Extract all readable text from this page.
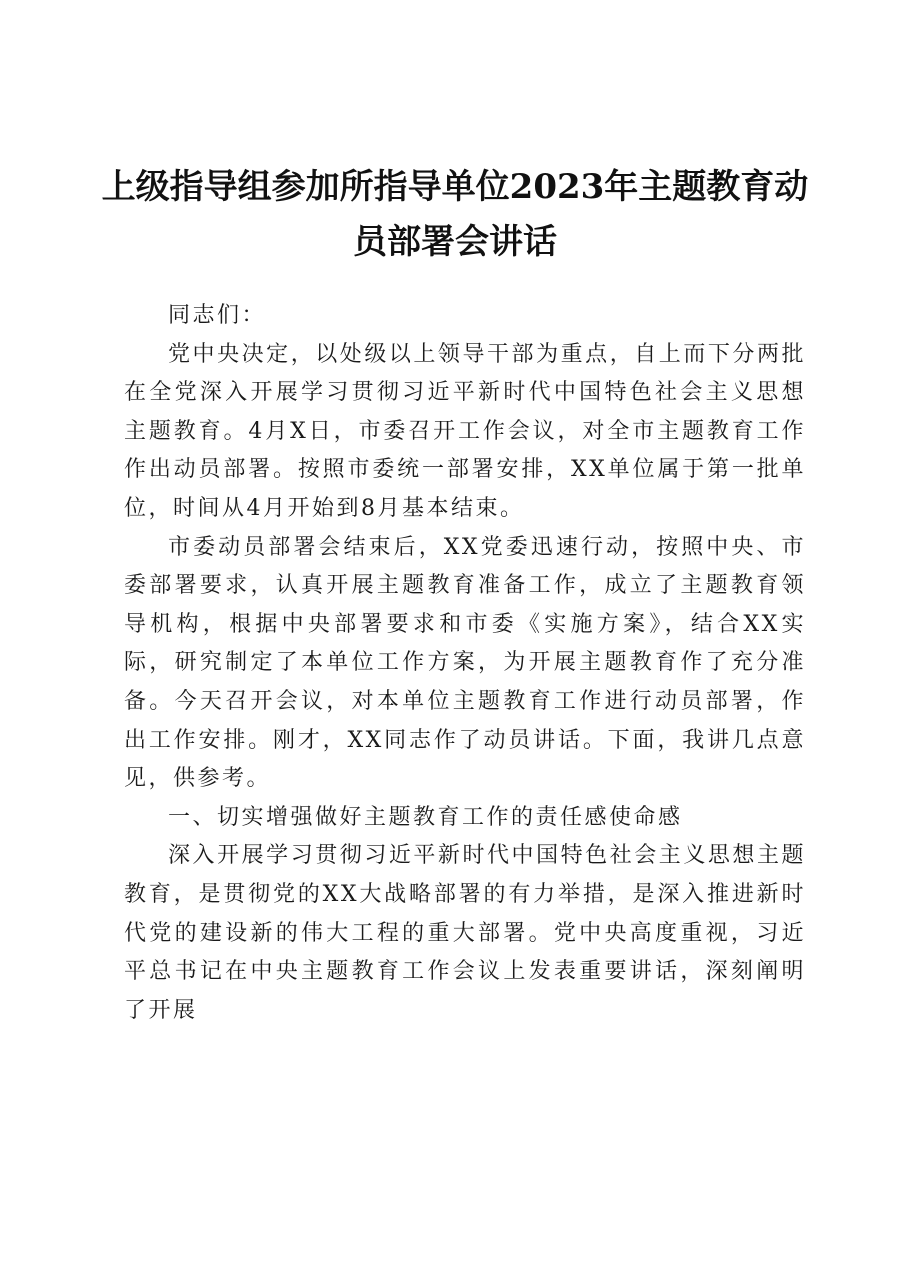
上级指导组参加所指导单位2023年主题教育动员部署会讲话

同志们：

党中央决定，以处级以上领导干部为重点，自上而下分两批在全党深入开展学习贯彻习近平新时代中国特色社会主义思想主题教育。4月X日，市委召开工作会议，对全市主题教育工作作出动员部署。按照市委统一部署安排，XX单位属于第一批单位，时间从4月开始到8月基本结束。

市委动员部署会结束后，XX党委迅速行动，按照中央、市委部署要求，认真开展主题教育准备工作，成立了主题教育领导机构，根据中央部署要求和市委《实施方案》，结合XX实际，研究制定了本单位工作方案，为开展主题教育作了充分准备。今天召开会议，对本单位主题教育工作进行动员部署，作出工作安排。刚才，XX同志作了动员讲话。下面，我讲几点意见，供参考。

一、切实增强做好主题教育工作的责任感使命感

深入开展学习贯彻习近平新时代中国特色社会主义思想主题教育，是贯彻党的XX大战略部署的有力举措，是深入推进新时代党的建设新的伟大工程的重大部署。党中央高度重视，习近平总书记在中央主题教育工作会议上发表重要讲话，深刻阐明了开展
